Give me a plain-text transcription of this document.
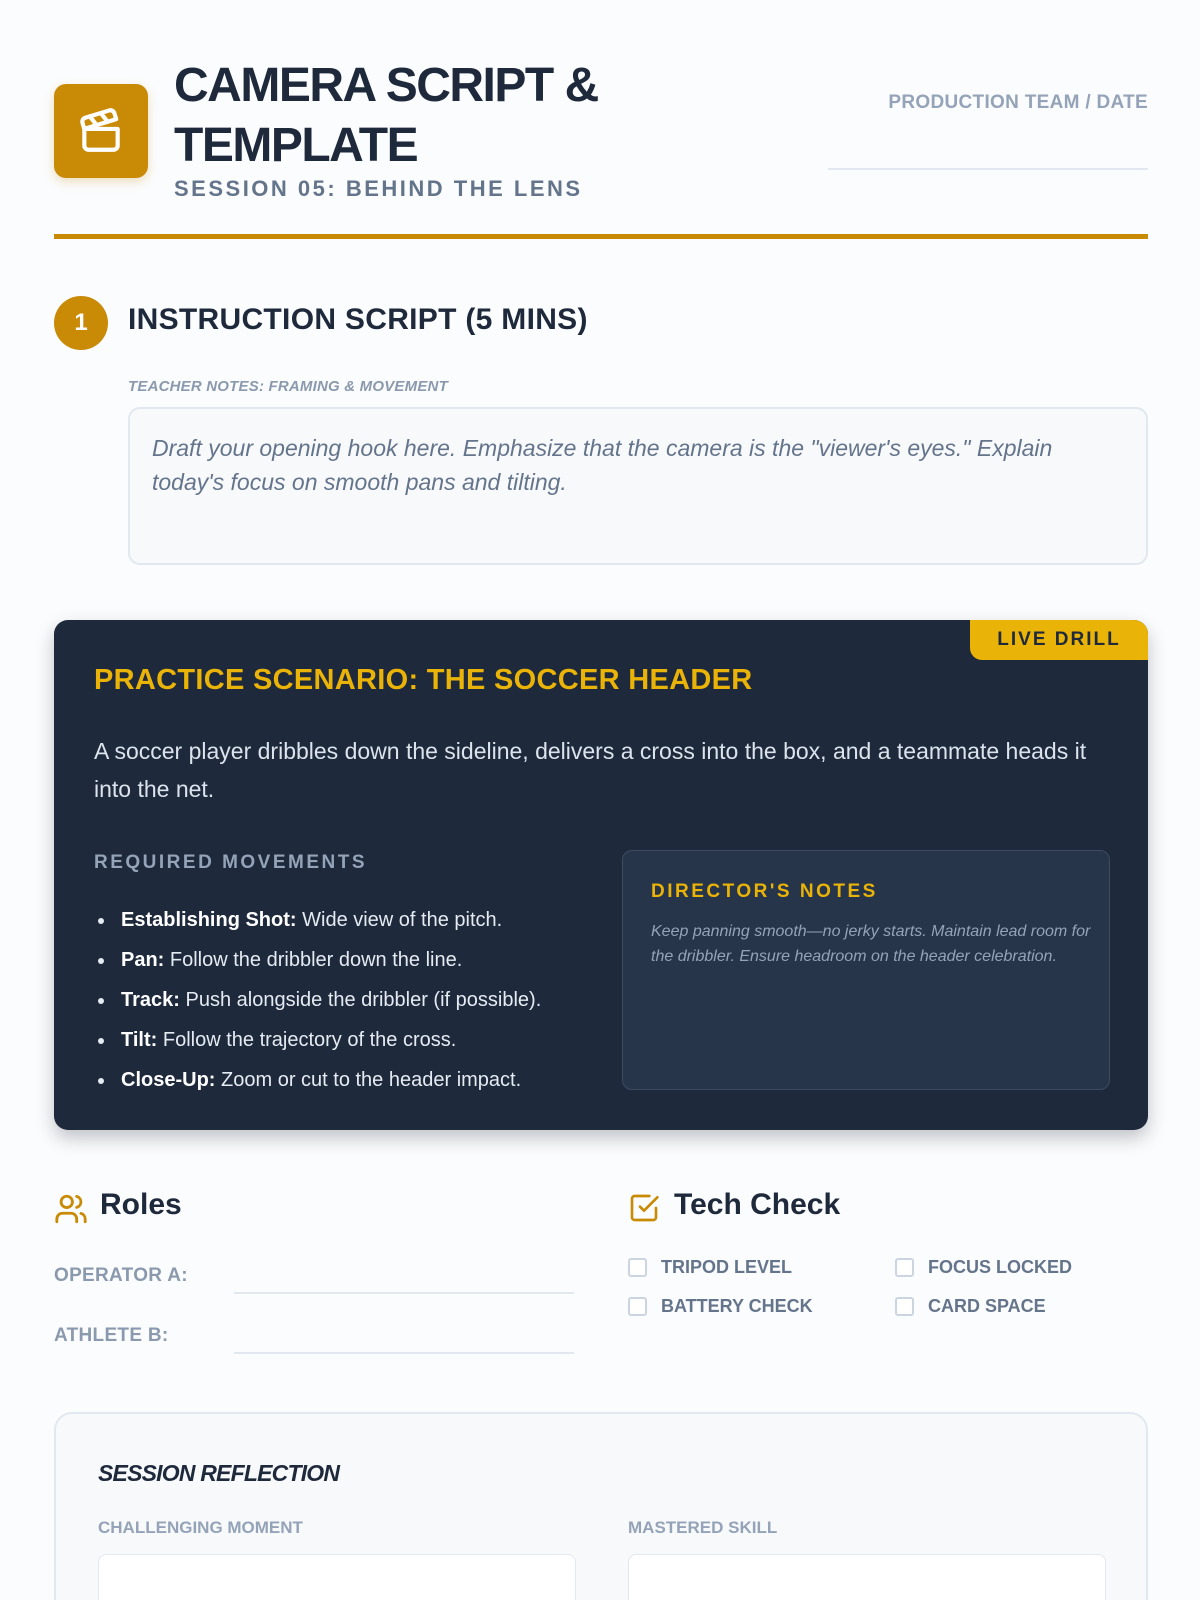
CAMERA SCRIPT & TEMPLATE
SESSION 05: BEHIND THE LENS
PRODUCTION TEAM / DATE
1	INSTRUCTION SCRIPT (5 MINS)
TEACHER NOTES: FRAMING & MOVEMENT
Draft your opening hook here. Emphasize that the camera is the "viewer's eyes." Explain today's focus on smooth pans and tilting.
LIVE DRILL
PRACTICE SCENARIO: THE SOCCER HEADER
A soccer player dribbles down the sideline, delivers a cross into the box, and a teammate heads it into the net.
REQUIRED MOVEMENTS
Establishing Shot: Wide view of the pitch.
Pan: Follow the dribbler down the line.
Track: Push alongside the dribbler (if possible).
Tilt: Follow the trajectory of the cross.
Close-Up: Zoom or cut to the header impact.
DIRECTOR'S NOTES
Keep panning smooth—no jerky starts. Maintain lead room for the dribbler. Ensure headroom on the header celebration.
Roles
OPERATOR A:
ATHLETE B:
Tech Check
TRIPOD LEVEL	FOCUS LOCKED
BATTERY CHECK	CARD SPACE
SESSION REFLECTION
CHALLENGING MOMENT	MASTERED SKILL
